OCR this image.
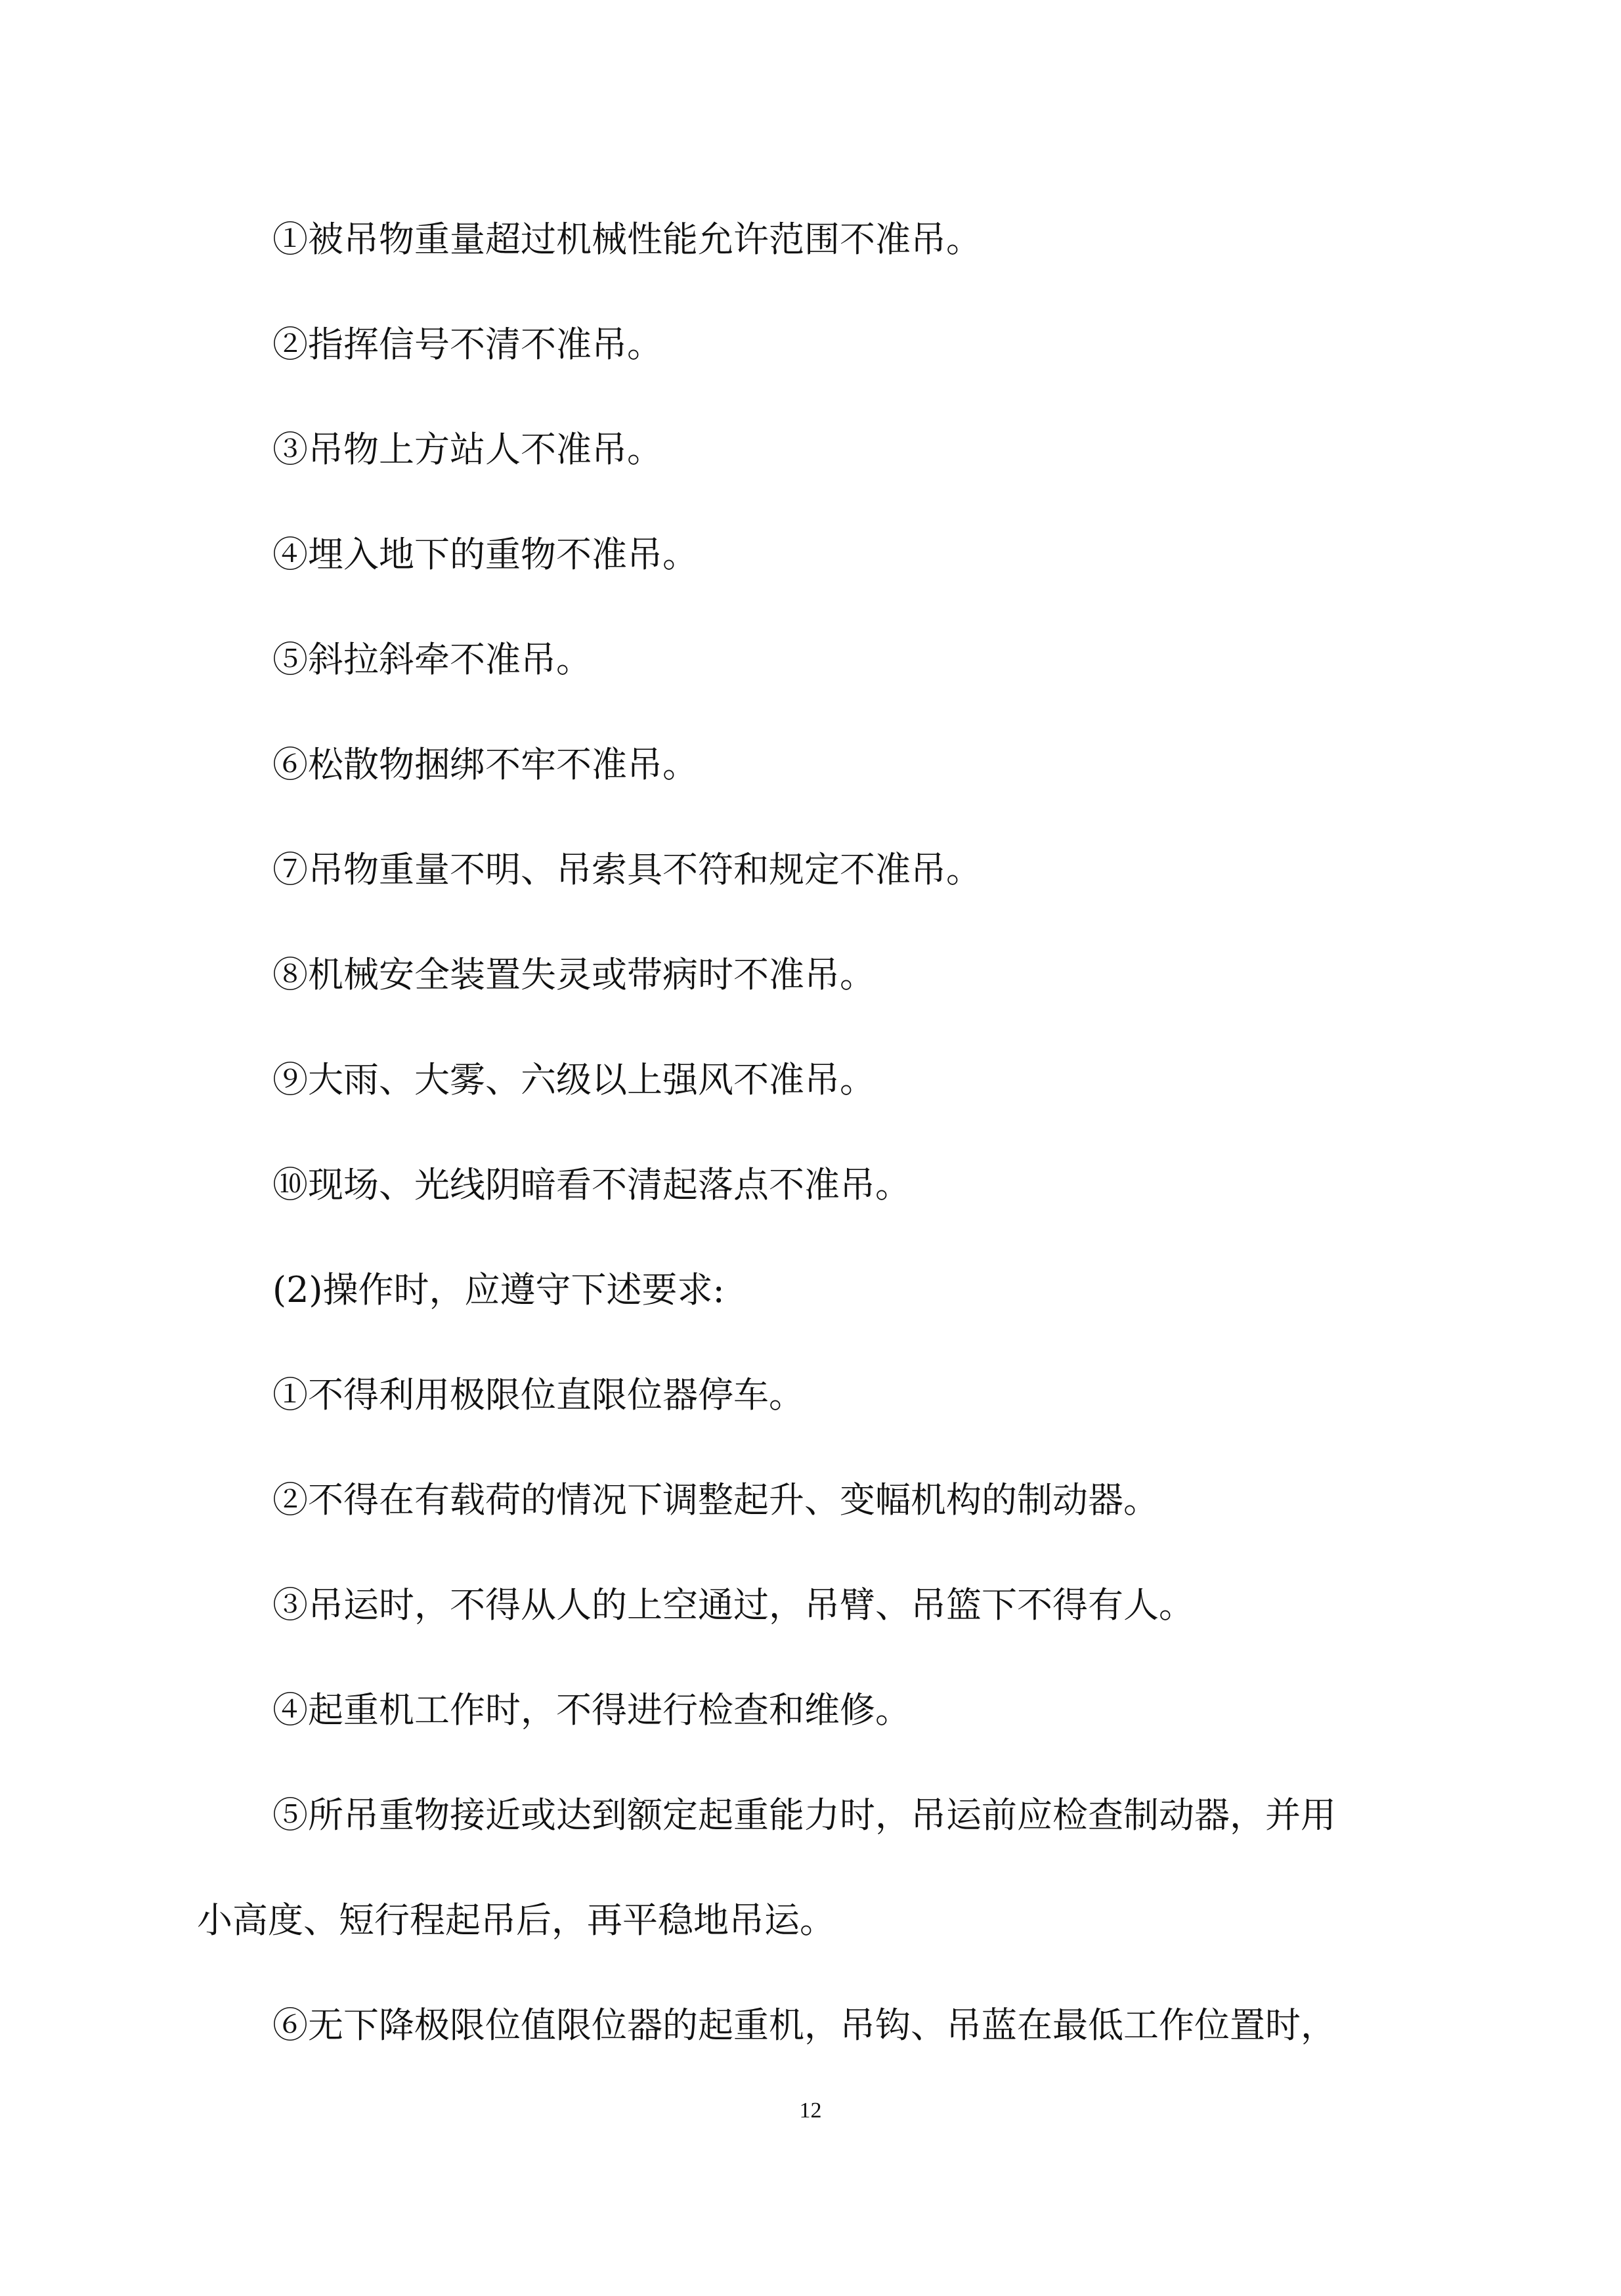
①被吊物重量超过机械性能允许范围不准吊。
②指挥信号不清不准吊。
③吊物上方站人不准吊。
④埋入地下的重物不准吊。
⑤斜拉斜牵不准吊。
⑥松散物捆绑不牢不准吊。
⑦吊物重量不明、吊索具不符和规定不准吊。
⑧机械安全装置失灵或带病时不准吊。
⑨大雨、大雾、六级以上强风不准吊。
⑩现场、光线阴暗看不清起落点不准吊。
(2)操作时，应遵守下述要求:
①不得利用极限位直限位器停车。
②不得在有载荷的情况下调整起升、变幅机构的制动器。
③吊运时，不得从人的上空通过，吊臂、吊篮下不得有人。
④起重机工作时，不得进行检查和维修。
⑤所吊重物接近或达到额定起重能力时，吊运前应检查制动器，并用
小高度、短行程起吊后，再平稳地吊运。
⑥无下降极限位值限位器的起重机，吊钩、吊蓝在最低工作位置时，
12
